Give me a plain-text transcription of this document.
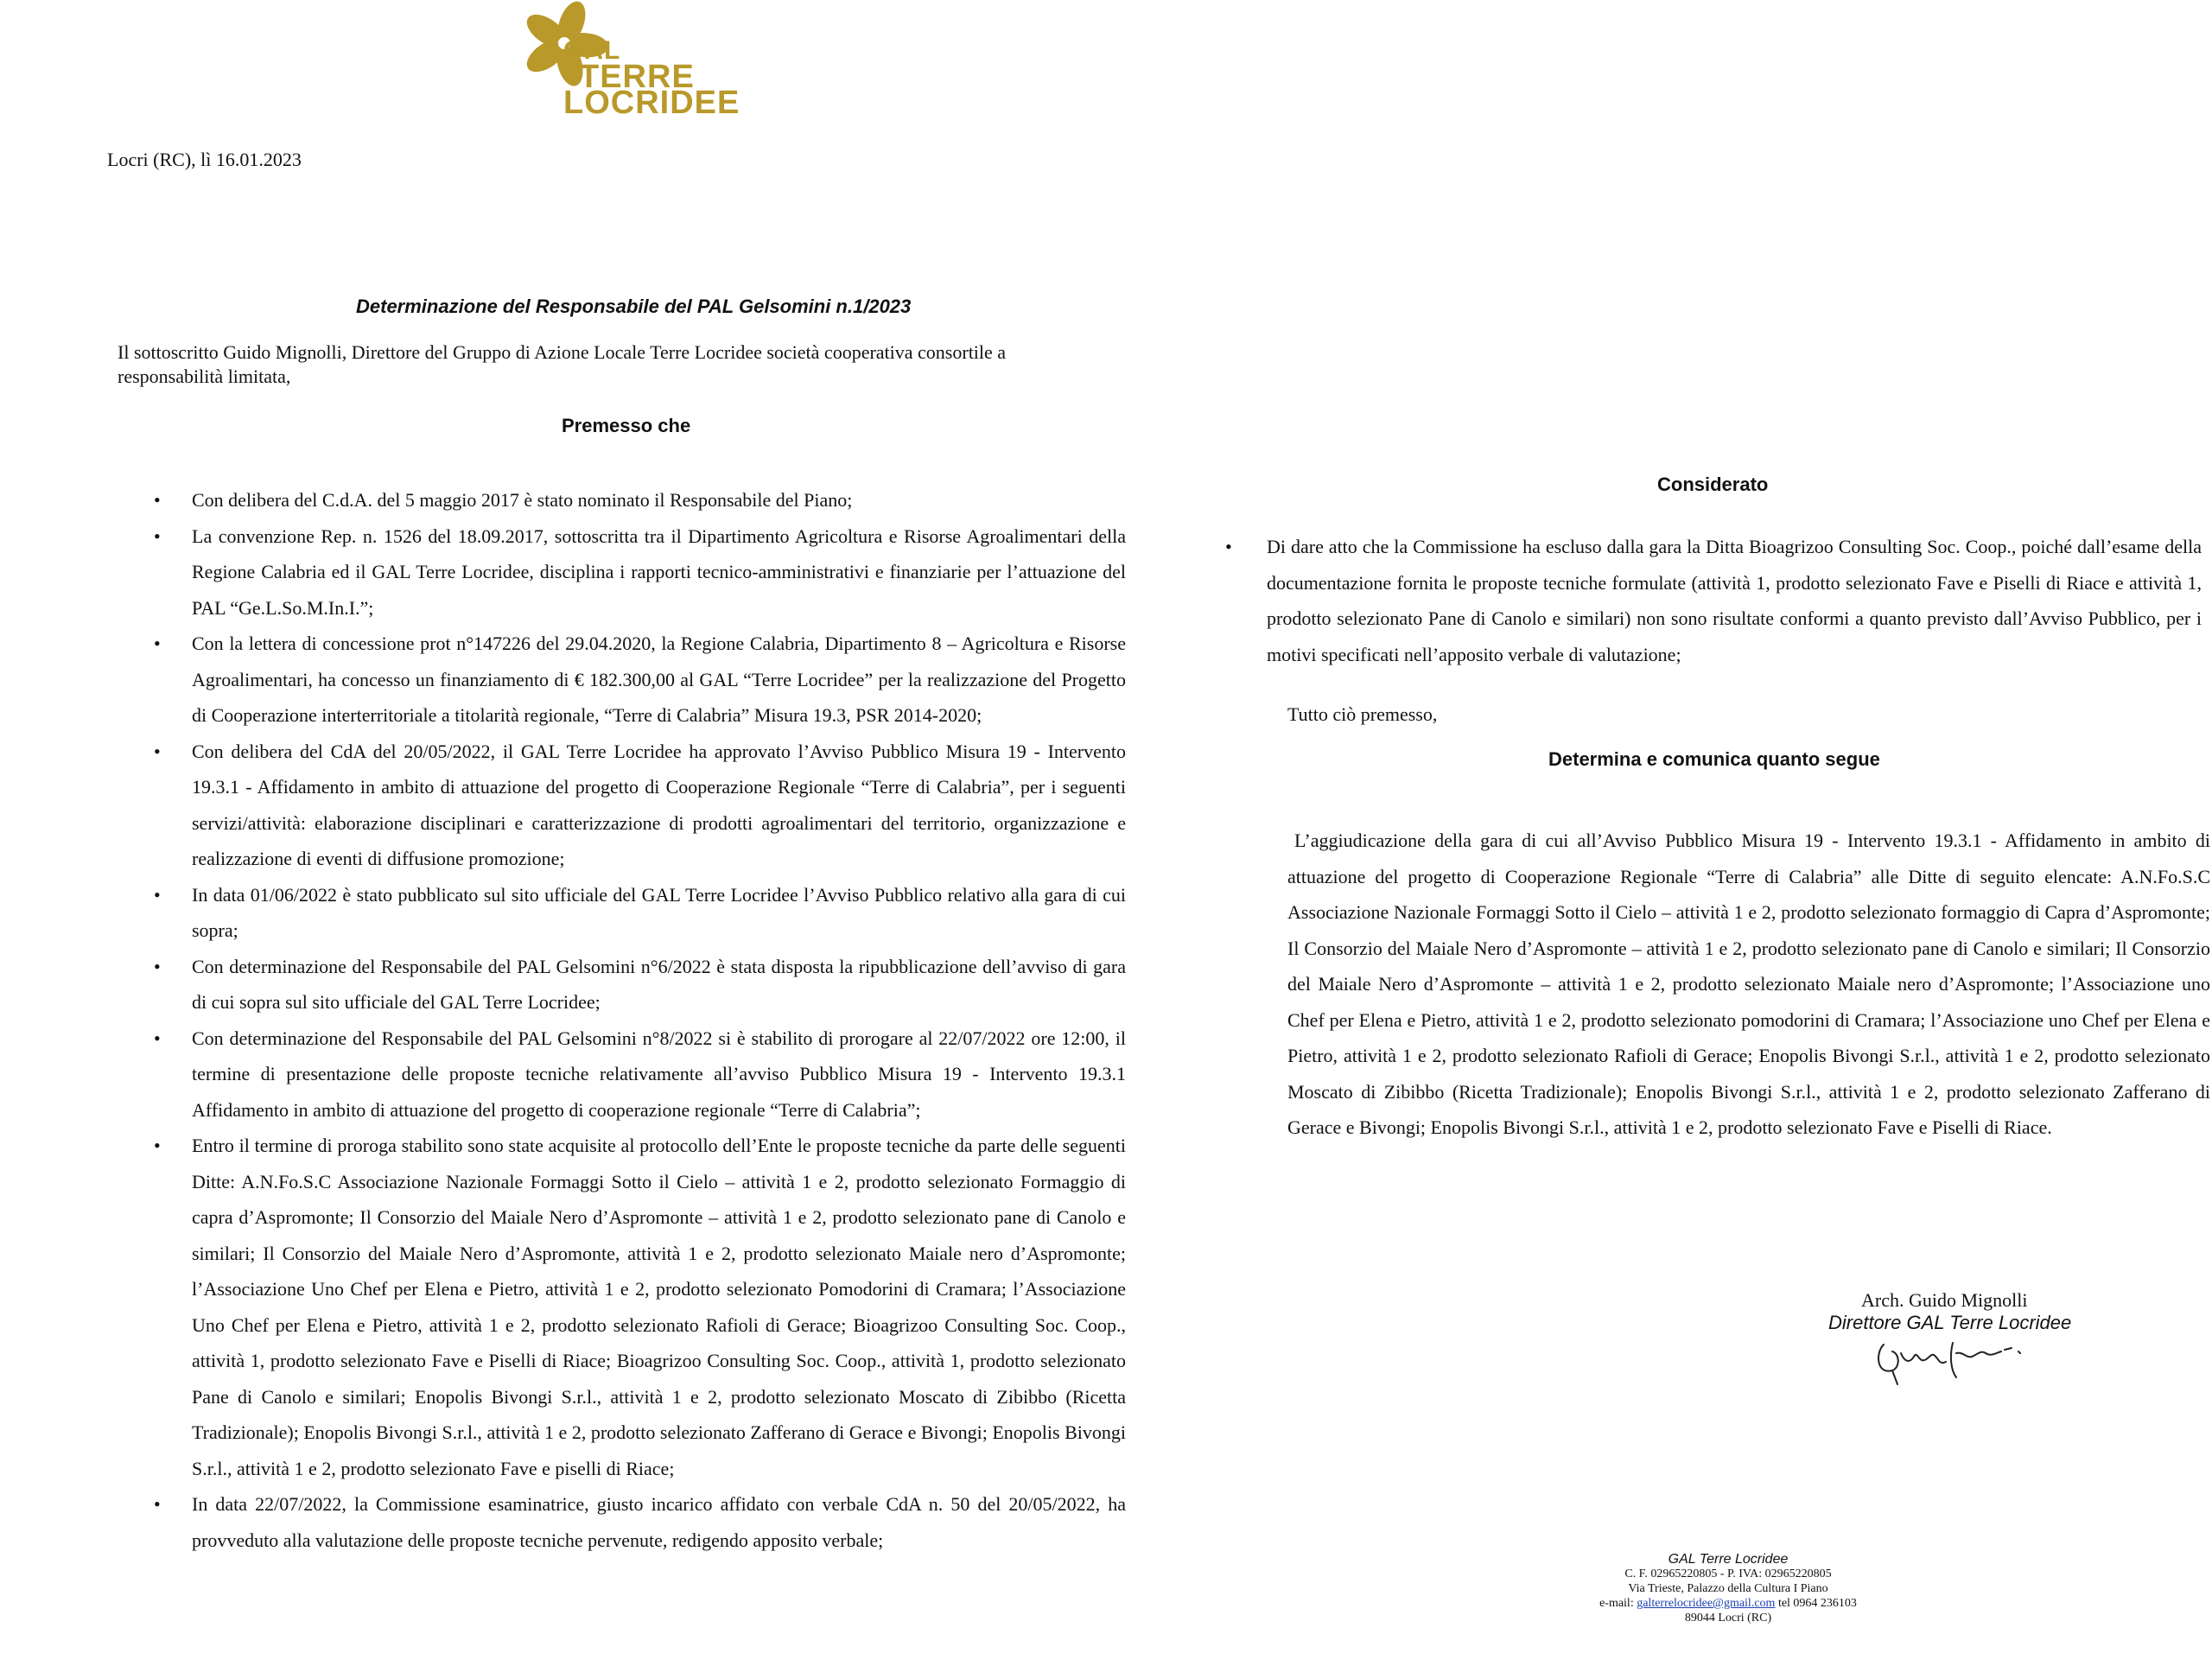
GAL
TERRE
LOCRIDEE
Locri (RC), lì 16.01.2023
Determinazione del Responsabile del PAL Gelsomini n.1/2023
Il sottoscritto Guido Mignolli, Direttore del Gruppo di Azione Locale Terre Locridee società cooperativa consortile a responsabilità limitata,
Premesso che
• Con delibera del C.d.A. del 5 maggio 2017 è stato nominato il Responsabile del Piano;
• La convenzione Rep. n. 1526 del 18.09.2017, sottoscritta tra il Dipartimento Agricoltura e Risorse Agroalimentari della Regione Calabria ed il GAL Terre Locridee, disciplina i rapporti tecnico-amministrativi e finanziarie per l’attuazione del PAL “Ge.L.So.M.In.I.”;
• Con la lettera di concessione prot n°147226 del 29.04.2020, la Regione Calabria, Dipartimento 8 – Agricoltura e Risorse Agroalimentari, ha concesso un finanziamento di € 182.300,00 al GAL “Terre Locridee” per la realizzazione del Progetto di Cooperazione interterritoriale a titolarità regionale, “Terre di Calabria” Misura 19.3, PSR 2014-2020;
• Con delibera del CdA del 20/05/2022, il GAL Terre Locridee ha approvato l’Avviso Pubblico Misura 19 - Intervento 19.3.1 - Affidamento in ambito di attuazione del progetto di Cooperazione Regionale “Terre di Calabria”, per i seguenti servizi/attività: elaborazione disciplinari e caratterizzazione di prodotti agroalimentari del territorio, organizzazione e realizzazione di eventi di diffusione promozione;
• In data 01/06/2022 è stato pubblicato sul sito ufficiale del GAL Terre Locridee l’Avviso Pubblico relativo alla gara di cui sopra;
• Con determinazione del Responsabile del PAL Gelsomini n°6/2022 è stata disposta la ripubblicazione dell’avviso di gara di cui sopra sul sito ufficiale del GAL Terre Locridee;
• Con determinazione del Responsabile del PAL Gelsomini n°8/2022 si è stabilito di prorogare al 22/07/2022 ore 12:00, il termine di presentazione delle proposte tecniche relativamente all’avviso Pubblico Misura 19 - Intervento 19.3.1 Affidamento in ambito di attuazione del progetto di cooperazione regionale “Terre di Calabria”;
• Entro il termine di proroga stabilito sono state acquisite al protocollo dell’Ente le proposte tecniche da parte delle seguenti Ditte: A.N.Fo.S.C Associazione Nazionale Formaggi Sotto il Cielo – attività 1 e 2, prodotto selezionato Formaggio di capra d’Aspromonte; Il Consorzio del Maiale Nero d’Aspromonte – attività 1 e 2, prodotto selezionato pane di Canolo e similari; Il Consorzio del Maiale Nero d’Aspromonte, attività 1 e 2, prodotto selezionato Maiale nero d’Aspromonte; l’Associazione Uno Chef per Elena e Pietro, attività 1 e 2, prodotto selezionato Pomodorini di Cramara; l’Associazione Uno Chef per Elena e Pietro, attività 1 e 2, prodotto selezionato Rafioli di Gerace; Bioagrizoo Consulting Soc. Coop., attività 1, prodotto selezionato Fave e Piselli di Riace; Bioagrizoo Consulting Soc. Coop., attività 1, prodotto selezionato Pane di Canolo e similari; Enopolis Bivongi S.r.l., attività 1 e 2, prodotto selezionato Moscato di Zibibbo (Ricetta Tradizionale); Enopolis Bivongi S.r.l., attività 1 e 2, prodotto selezionato Zafferano di Gerace e Bivongi; Enopolis Bivongi S.r.l., attività 1 e 2, prodotto selezionato Fave e piselli di Riace;
• In data 22/07/2022, la Commissione esaminatrice, giusto incarico affidato con verbale CdA n. 50 del 20/05/2022, ha provveduto alla valutazione delle proposte tecniche pervenute, redigendo apposito verbale;
Considerato
• Di dare atto che la Commissione ha escluso dalla gara la Ditta Bioagrizoo Consulting Soc. Coop., poiché dall’esame della documentazione fornita le proposte tecniche formulate (attività 1, prodotto selezionato Fave e Piselli di Riace e attività 1, prodotto selezionato Pane di Canolo e similari) non sono risultate conformi a quanto previsto dall’Avviso Pubblico, per i motivi specificati nell’apposito verbale di valutazione;
Tutto ciò premesso,
Determina e comunica quanto segue
L’aggiudicazione della gara di cui all’Avviso Pubblico Misura 19 - Intervento 19.3.1 - Affidamento in ambito di attuazione del progetto di Cooperazione Regionale “Terre di Calabria” alle Ditte di seguito elencate: A.N.Fo.S.C Associazione Nazionale Formaggi Sotto il Cielo – attività 1 e 2, prodotto selezionato formaggio di Capra d’Aspromonte; Il Consorzio del Maiale Nero d’Aspromonte – attività 1 e 2, prodotto selezionato pane di Canolo e similari; Il Consorzio del Maiale Nero d’Aspromonte – attività 1 e 2, prodotto selezionato Maiale nero d’Aspromonte; l’Associazione uno Chef per Elena e Pietro, attività 1 e 2, prodotto selezionato pomodorini di Cramara; l’Associazione uno Chef per Elena e Pietro, attività 1 e 2, prodotto selezionato Rafioli di Gerace; Enopolis Bivongi S.r.l., attività 1 e 2, prodotto selezionato Moscato di Zibibbo (Ricetta Tradizionale); Enopolis Bivongi S.r.l., attività 1 e 2, prodotto selezionato Zafferano di Gerace e Bivongi; Enopolis Bivongi S.r.l., attività 1 e 2, prodotto selezionato Fave e Piselli di Riace.
Arch. Guido Mignolli
Direttore GAL Terre Locridee
GAL Terre Locridee
C. F. 02965220805 - P. IVA: 02965220805
Via Trieste, Palazzo della Cultura I Piano
e-mail: galterrelocridee@gmail.com tel 0964 236103
89044 Locri (RC)
